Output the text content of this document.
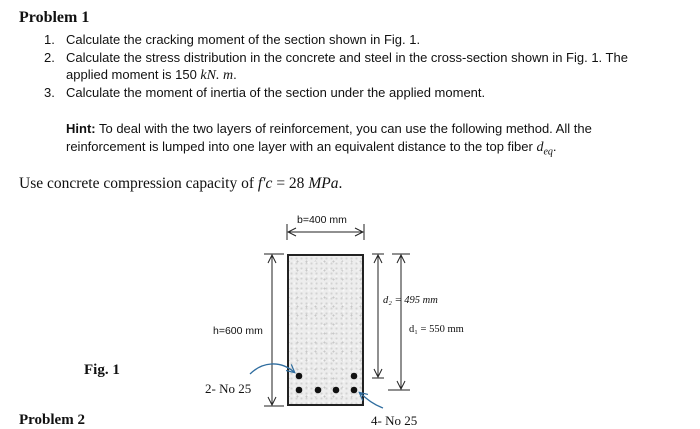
Problem 1
1. Calculate the cracking moment of the section shown in Fig. 1.
2. Calculate the stress distribution in the concrete and steel in the cross-section shown in Fig. 1. The
applied moment is 150 kN. m.
3. Calculate the moment of inertia of the section under the applied moment.
Hint: To deal with the two layers of reinforcement, you can use the following method. All the
reinforcement is lumped into one layer with an equivalent distance to the top fiber $d_{eq}$.
Use concrete compression capacity of f′c = 28 MPa.
Fig. 1
Problem 2
b=400 mm
h=600 mm
d₂ = 495 mm
d₁ = 550 mm
2- No 25
4- No 25
